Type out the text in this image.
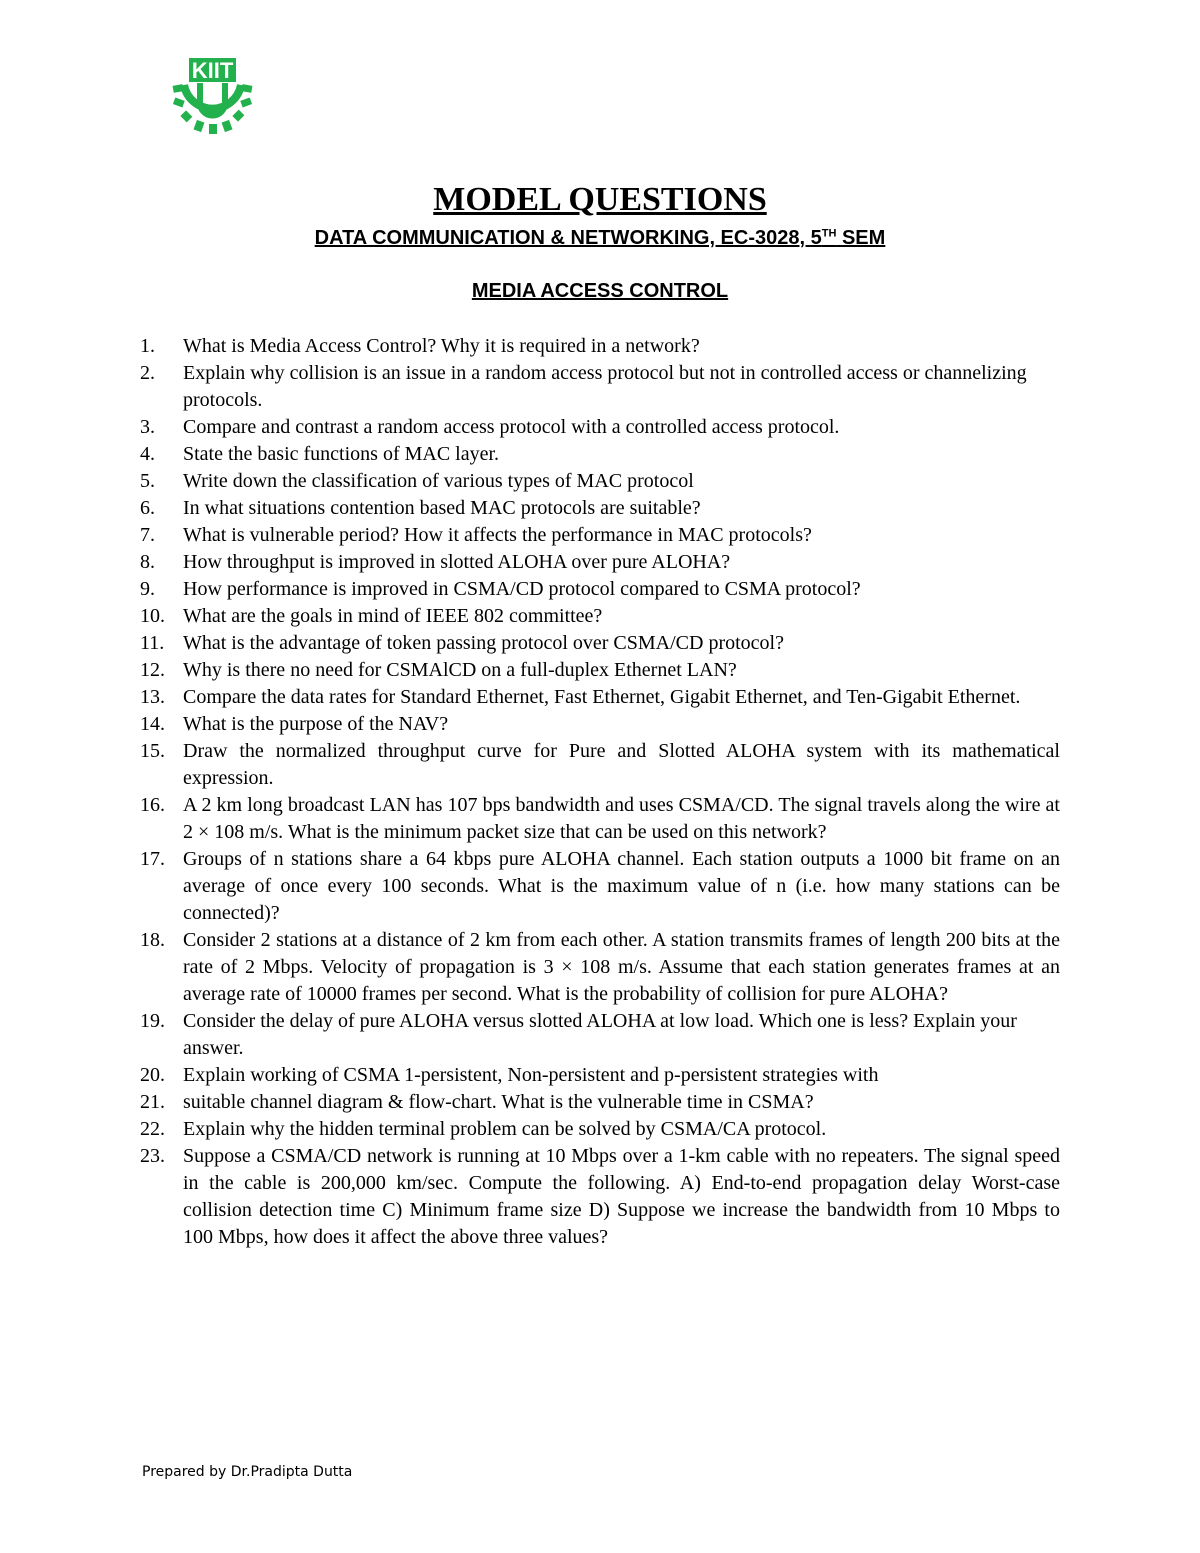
KIIT
MODEL QUESTIONS
DATA COMMUNICATION & NETWORKING, EC-3028, 5TH SEM
MEDIA ACCESS CONTROL
1. What is Media Access Control? Why it is required in a network?
2. Explain why collision is an issue in a random access protocol but not in controlled access or channelizing protocols.
3. Compare and contrast a random access protocol with a controlled access protocol.
4. State the basic functions of MAC layer.
5. Write down the classification of various types of MAC protocol
6. In what situations contention based MAC protocols are suitable?
7. What is vulnerable period? How it affects the performance in MAC protocols?
8. How throughput is improved in slotted ALOHA over pure ALOHA?
9. How performance is improved in CSMA/CD protocol compared to CSMA protocol?
10. What are the goals in mind of IEEE 802 committee?
11. What is the advantage of token passing protocol over CSMA/CD protocol?
12. Why is there no need for CSMAlCD on a full-duplex Ethernet LAN?
13. Compare the data rates for Standard Ethernet, Fast Ethernet, Gigabit Ethernet, and Ten-Gigabit Ethernet.
14. What is the purpose of the NAV?
15. Draw the normalized throughput curve for Pure and Slotted ALOHA system with its mathematical expression.
16. A 2 km long broadcast LAN has 107 bps bandwidth and uses CSMA/CD. The signal travels along the wire at 2 × 108 m/s. What is the minimum packet size that can be used on this network?
17. Groups of n stations share a 64 kbps pure ALOHA channel. Each station outputs a 1000 bit frame on an average of once every 100 seconds. What is the maximum value of n (i.e. how many stations can be connected)?
18. Consider 2 stations at a distance of 2 km from each other. A station transmits frames of length 200 bits at the rate of 2 Mbps. Velocity of propagation is 3 × 108 m/s. Assume that each station generates frames at an average rate of 10000 frames per second. What is the probability of collision for pure ALOHA?
19. Consider the delay of pure ALOHA versus slotted ALOHA at low load. Which one is less? Explain your answer.
20. Explain working of CSMA 1-persistent, Non-persistent and p-persistent strategies with
21. suitable channel diagram & flow-chart. What is the vulnerable time in CSMA?
22. Explain why the hidden terminal problem can be solved by CSMA/CA protocol.
23. Suppose a CSMA/CD network is running at 10 Mbps over a 1-km cable with no repeaters. The signal speed in the cable is 200,000 km/sec. Compute the following. A) End-to-end propagation delay Worst-case collision detection time C) Minimum frame size D) Suppose we increase the bandwidth from 10 Mbps to 100 Mbps, how does it affect the above three values?
Prepared by Dr.Pradipta Dutta
